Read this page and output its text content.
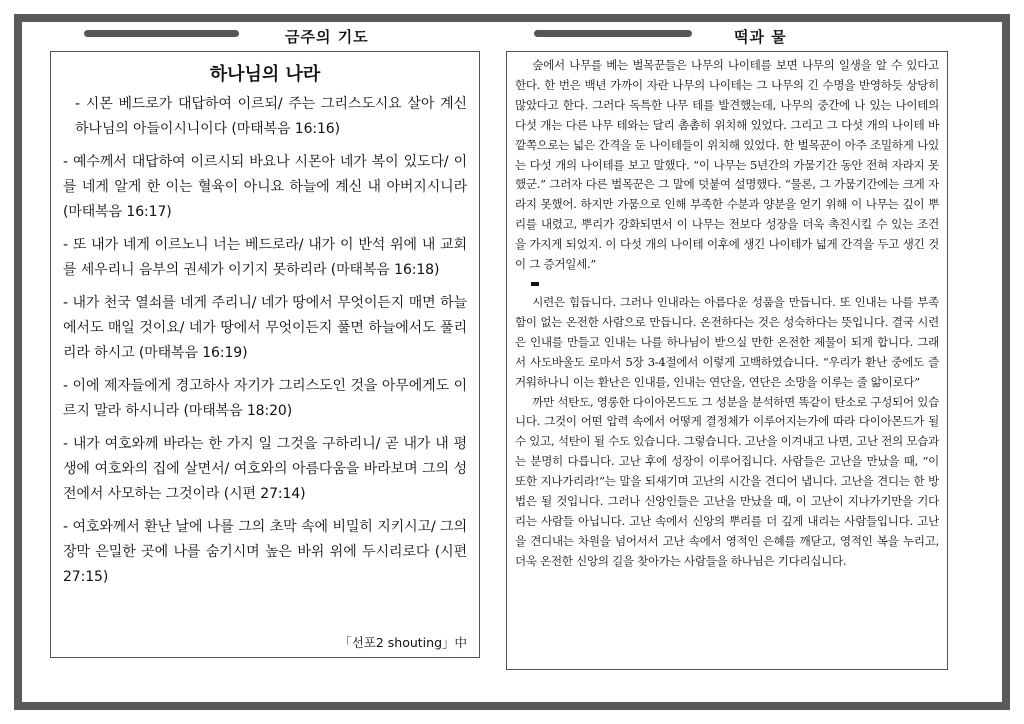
금주의 기도	떡과 물
하나님의 나라

- 시몬 베드로가 대답하여 이르되/ 주는 그리스도시요 살아 계신 하나님의 아들이시니이다 (마태복음 16:16)

- 예수께서 대답하여 이르시되 바요나 시몬아 네가 복이 있도다/ 이를 네게 알게 한 이는 혈육이 아니요 하늘에 계신 내 아버지시니라 (마태복음 16:17)

- 또 내가 네게 이르노니 너는 베드로라/ 내가 이 반석 위에 내 교회를 세우리니 음부의 권세가 이기지 못하리라 (마태복음 16:18)

- 내가 천국 열쇠를 네게 주리니/ 네가 땅에서 무엇이든지 매면 하늘에서도 매일 것이요/ 네가 땅에서 무엇이든지 풀면 하늘에서도 풀리리라 하시고 (마태복음 16:19)

- 이에 제자들에게 경고하사 자기가 그리스도인 것을 아무에게도 이르지 말라 하시니라 (마태복음 18:20)

- 내가 여호와께 바라는 한 가지 일 그것을 구하리니/ 곧 내가 내 평생에 여호와의 집에 살면서/ 여호와의 아름다움을 바라보며 그의 성전에서 사모하는 그것이라 (시편 27:14)

- 여호와께서 환난 날에 나를 그의 초막 속에 비밀히 지키시고/ 그의 장막 은밀한 곳에 나를 숨기시며 높은 바위 위에 두시리로다 (시편 27:15)

「선포2 shouting」中

숲에서 나무를 베는 벌목꾼들은 나무의 나이테를 보면 나무의 일생을 알 수 있다고 한다. 한 번은 백년 가까이 자란 나무의 나이테는 그 나무의 긴 수명을 반영하듯 상당히 많았다고 한다. 그러다 독특한 나무 테를 발견했는데, 나무의 중간에 나 있는 나이테의 다섯 개는 다른 나무 테와는 달리 촘촘히 위치해 있었다. 그리고 그 다섯 개의 나이테 바깥쪽으로는 넓은 간격을 둔 나이테들이 위치해 있었다. 한 벌목꾼이 아주 조밀하게 나있는 다섯 개의 나이테를 보고 말했다. “이 나무는 5년간의 가뭄기간 동안 전혀 자라지 못했군.” 그러자 다른 벌목꾼은 그 말에 덧붙여 설명했다. “물론, 그 가뭄기간에는 크게 자라지 못했어. 하지만 가뭄으로 인해 부족한 수분과 양분을 얻기 위해 이 나무는 깊이 뿌리를 내렸고, 뿌리가 강화되면서 이 나무는 전보다 성장을 더욱 촉진시킬 수 있는 조건을 가지게 되었지. 이 다섯 개의 나이테 이후에 생긴 나이테가 넓게 간격을 두고 생긴 것이 그 증거일세.”

시련은 힘듭니다. 그러나 인내라는 아름다운 성품을 만듭니다. 또 인내는 나를 부족함이 없는 온전한 사람으로 만듭니다. 온전하다는 것은 성숙하다는 뜻입니다. 결국 시련은 인내를 만들고 인내는 나를 하나님이 받으실 만한 온전한 제물이 되게 합니다. 그래서 사도바울도 로마서 5장 3-4절에서 이렇게 고백하였습니다. “우리가 환난 중에도 즐거워하나니 이는 환난은 인내를, 인내는 연단을, 연단은 소망을 이루는 줄 앎이로다”

까만 석탄도, 영롱한 다이아몬드도 그 성분을 분석하면 똑같이 탄소로 구성되어 있습니다. 그것이 어떤 압력 속에서 어떻게 결정체가 이루어지는가에 따라 다이아몬드가 될 수 있고, 석탄이 될 수도 있습니다. 그렇습니다. 고난을 이겨내고 나면, 고난 전의 모습과는 분명히 다릅니다. 고난 후에 성장이 이루어집니다. 사람들은 고난을 만났을 때, “이 또한 지나가리라!”는 말을 되새기며 고난의 시간을 견디어 냅니다. 고난을 견디는 한 방법은 될 것입니다. 그러나 신앙인들은 고난을 만났을 때, 이 고난이 지나가기만을 기다리는 사람들 아닙니다. 고난 속에서 신앙의 뿌리를 더 깊게 내리는 사람들입니다. 고난을 견디내는 차원을 넘어서서 고난 속에서 영적인 은혜를 깨닫고, 영적인 복을 누리고, 더욱 온전한 신앙의 길을 찾아가는 사람들을 하나님은 기다리십니다.
